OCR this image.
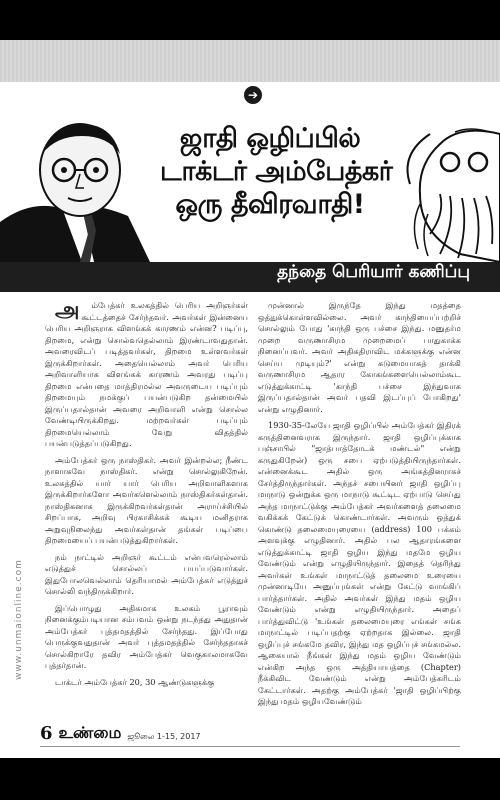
➔
ஜாதி ஒழிப்பில்
டாக்டர் அம்பேத்கர்
ஒரு தீவிரவாதி!
தந்தை பெரியார் கணிப்பு

அ ம்பேத்கர் உலகத்தில் பெரிய அறிஞர்கள் கூட்டத்தைச் சேர்ந்தவர். அவர்கள் இன்னைய பெரிய அறிஞராக விளங்கக் காரணம் என்ன? படிப்பு, திறமை, என்று சொல்வதெல்லாம் இரண்டாவதுதான். அவரைவிடப் படித்தவர்கள், திறமை உள்ளவர்கள் இருக்கிறார்கள். அதையெல்லாம் அவர் பெரிய அறிவாளியாக விளங்கக் காரணம் அவரது படிப்பு திறமை என்பதை மாத்திரமல்ல அவருடைய படிப்பும் திறமையும் நமக்குப் பயன்படுகிற தன்மையில் இருப்பதால்தான் அவரை அறிவாளி என்று சொல்ல வேண்டியிருக்கிறது. மற்றவர்கள் படிப்பும் திறமையெல்லாம் வேறு விதத்தில் பயன்படுத்தப்படுகிறது.

அம்பேத்கர் ஒரு நாஸ்திகர். அவர் இன்றல்ல; நீண்ட நாளாகவே நாஸ்திகர். என்று சொல்லுகிறேன். உலகத்தில் யார் யார் பெரிய அறிவாளிகளாக இருக்கிறார்களோ அவர்களெல்லாம் நாஸ்திகர்கள்தான். நாஸ்திகனாக இருக்கிறவர்கள்தான் அராய்ச்சியில் சிறப்பாக, அறிவு பிரகாசிக்கக் கூடிய மனிதராக அறுவுநிலைந்து அவர்கள்தான் தங்கள் படிப்பை திறமையைப் பயன்படுத்துகிறார்கள்.

நம் நாட்டில் அறிஞர் கூட்டம் என்பவரெல்லாம் எடுத்துச் சொல்லப் பயப்படுவார்கள். இதுபோலவெல்லாம் தெரியாமல் அம்பேத்கர் எடுத்துச் சொல்லி வந்திருக்கிறார்.

இப்பொழுது அதிகமாக உலகம் பூராவும் நினைக்கும்படியான சம்பவம் ஒன்று நடந்தது அதுதான் அம்பேத்கர் புத்தமதத்தில் சேர்ந்தது. இப்போது பெருக்குவதுதான் அவர் புத்தமதத்தில் சேர்ந்ததாகச் சொல்கிறாரே தவிர அம்பேத்கர் வெகுகாலமாகவே புத்தர்தான்.

டாக்டர் அம்பேத்கர் 20, 30 ஆண்டுகளுக்கு

முன்னால் இருந்தே இந்து மதத்தை ஒத்துக்கொள்ளவில்லை. அவர் காந்தியைப்பற்றிச் சொல்லும் போது 'காந்தி ஒரு பச்சை இந்து. மனுதர்ம முறை வருணாசிரம முறைமைப் பாதுகாக்க நினைப்பவர். அவர் அதிகதிராவிட மக்களுக்கு என்ன செய்ய முடியும்?' என்று கடுமையாகத் தாக்கி வருணாசிரம ஆதார கோகங்களையெல்லாம்கூட எடுத்துக்காட்டி 'காந்தி பச்சை இந்துவாக இருப்பதால்தான் அவர் பதவி இடப்புப் போகிறது' என்று எழுதினார்.

1930-35-லேயே ஜாதி ஒழிப்பில் அம்பேத்கர் இதிரக் கருத்தினைவராக இருந்தார். ஜாதி ஒழிப்புக்காக பஞ்சாபில் "ஜாத்பாத்தோடக் மண்டல்" என்று கருதுகிறேன்) ஒரு சபை ஏற்படுத்தியிருந்தார்கள். என்னைக்கூட அதில் ஒரு அங்கத்தினராகச் சேர்த்திருந்தார்கள். அந்தச் சபையினர் ஜாதி ஒழிப்பு மாநாடு ஒன்றுக்க ஒரு மாநாடு கூட்டிட ஏற்பாடு செய்து அந்த மாநாட்டுக்கு அம்பேத்கர் அவர்களைத் தலைமை வகிக்கக் கேட்டுக் கொண்டார்கள். அவரும் ஒத்துக் கொண்டு தலைமையுரையை (address) 100 பக்கம் அளவுக்கு எழுதினார். அதில் பல ஆதாரங்களை எடுத்துக்காட்டி ஜாதி ஒழிய இந்து மதமே ஒழிய வேண்டும் என்று எழுதியிருந்தார். இதைத் தெரிந்து அவர்கள் உங்கள் மாநாட்டுத் தலைமை உரையை முன்னாடியே அனுப்புங்கள் என்று கேட்டு வாங்கிப் பார்த்தார்கள். அதில் அவர்கள் இந்து மதம் ஒழிய வேண்டும் என்று எழுதியிருந்தார். அதைப் பார்த்துவிட்டு 'உங்கள் தலைமையுரை எங்கள் சங்க மாநாட்டில் படிப்பதற்கு ஏற்றதாக இல்லை. ஜாதி ஒழிப்புச் சங்கமே தவிர, இந்து மத ஒழிப்புச் சங்கமல்ல. ஆகையால் நீங்கள் இந்து மதம் ஒழிய வேண்டும் என்கிற அந்த ஒரு அத்தியாயத்தை (Chapter) நீக்கிவிட வேண்டும் என்று அம்பேத்கரிடம் கேட்டார்கள். அதற்கு அம்பேத்கர் 'ஜாதி ஒழிப்பிற்கு இந்து மதம் ஒழியவேண்டும்

www.unmaionline.com
6 உண்மை ஜூலை 1-15, 2017
